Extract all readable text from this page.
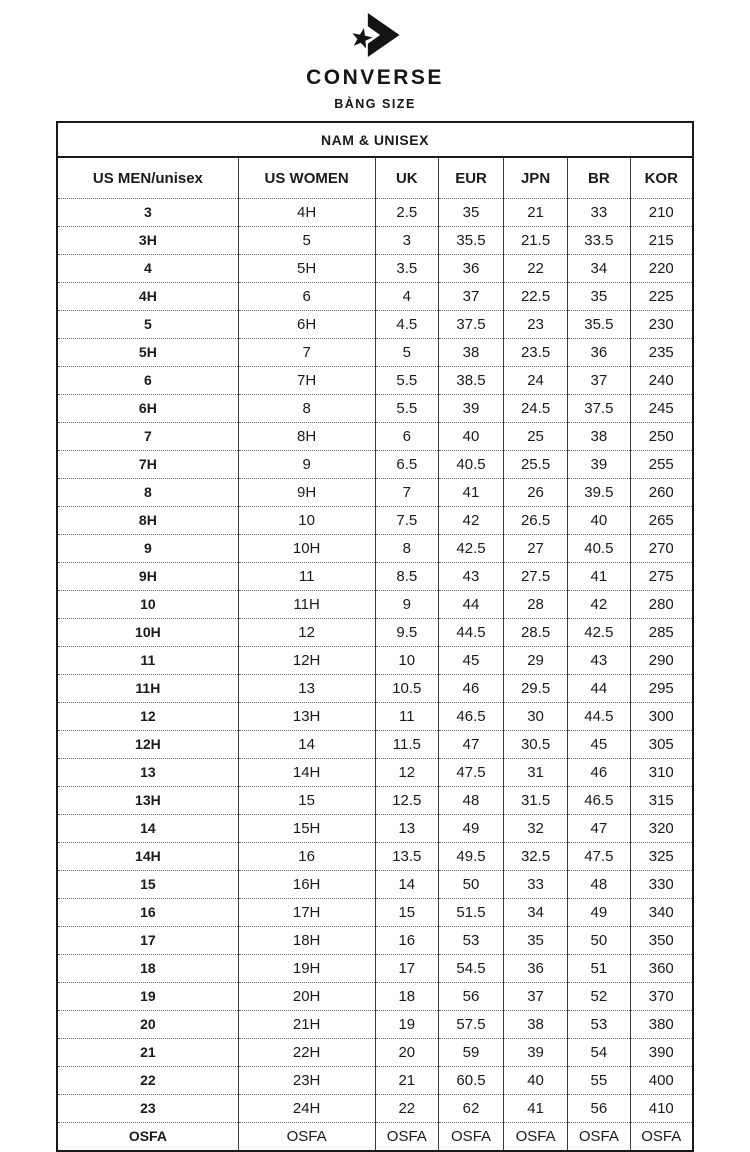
CONVERSE
BẢNG SIZE
NAM & UNISEX						
US MEN/unisex	US WOMEN	UK	EUR	JPN	BR	KOR
3	4H	2.5	35	21	33	210
3H	5	3	35.5	21.5	33.5	215
4	5H	3.5	36	22	34	220
4H	6	4	37	22.5	35	225
5	6H	4.5	37.5	23	35.5	230
5H	7	5	38	23.5	36	235
6	7H	5.5	38.5	24	37	240
6H	8	5.5	39	24.5	37.5	245
7	8H	6	40	25	38	250
7H	9	6.5	40.5	25.5	39	255
8	9H	7	41	26	39.5	260
8H	10	7.5	42	26.5	40	265
9	10H	8	42.5	27	40.5	270
9H	11	8.5	43	27.5	41	275
10	11H	9	44	28	42	280
10H	12	9.5	44.5	28.5	42.5	285
11	12H	10	45	29	43	290
11H	13	10.5	46	29.5	44	295
12	13H	11	46.5	30	44.5	300
12H	14	11.5	47	30.5	45	305
13	14H	12	47.5	31	46	310
13H	15	12.5	48	31.5	46.5	315
14	15H	13	49	32	47	320
14H	16	13.5	49.5	32.5	47.5	325
15	16H	14	50	33	48	330
16	17H	15	51.5	34	49	340
17	18H	16	53	35	50	350
18	19H	17	54.5	36	51	360
19	20H	18	56	37	52	370
20	21H	19	57.5	38	53	380
21	22H	20	59	39	54	390
22	23H	21	60.5	40	55	400
23	24H	22	62	41	56	410
OSFA	OSFA	OSFA	OSFA	OSFA	OSFA	OSFA
